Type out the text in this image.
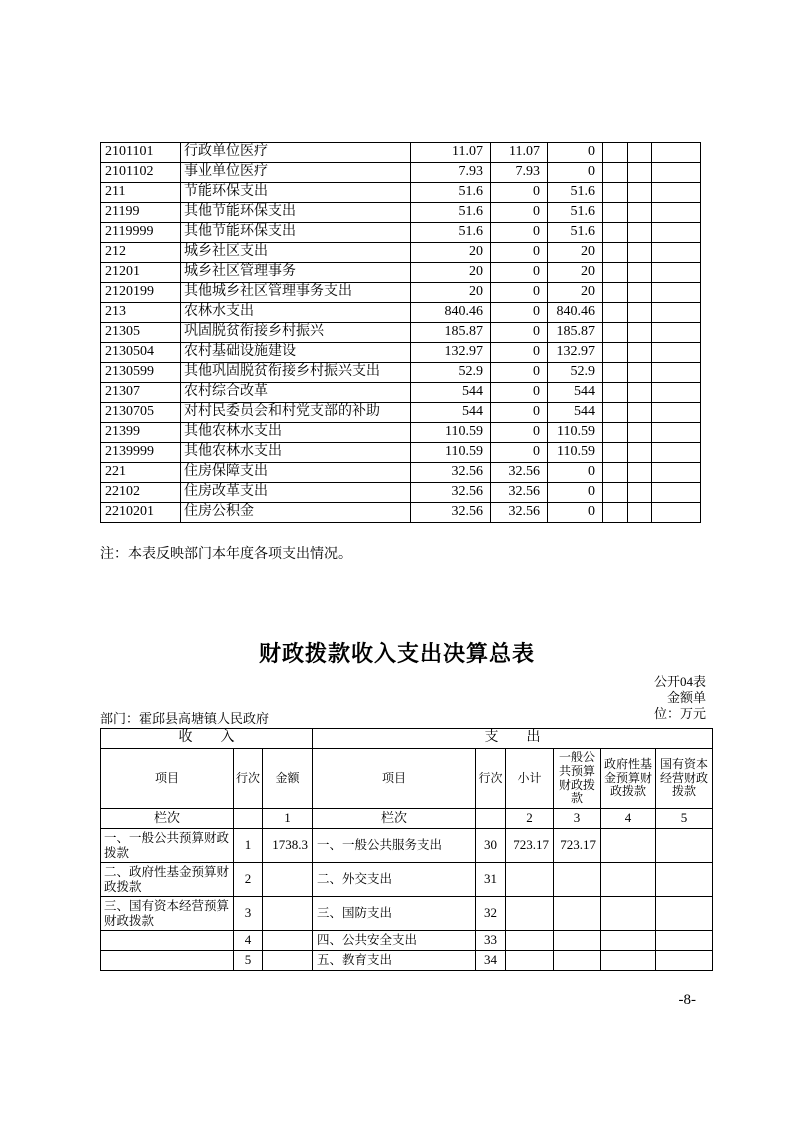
2101101	行政单位医疗	11.07	11.07	0			
2101102	事业单位医疗	7.93	7.93	0			
211	节能环保支出	51.6	0	51.6			
21199	其他节能环保支出	51.6	0	51.6			
2119999	其他节能环保支出	51.6	0	51.6			
212	城乡社区支出	20	0	20			
21201	城乡社区管理事务	20	0	20			
2120199	其他城乡社区管理事务支出	20	0	20			
213	农林水支出	840.46	0	840.46			
21305	巩固脱贫衔接乡村振兴	185.87	0	185.87			
2130504	农村基础设施建设	132.97	0	132.97			
2130599	其他巩固脱贫衔接乡村振兴支出	52.9	0	52.9			
21307	农村综合改革	544	0	544			
2130705	对村民委员会和村党支部的补助	544	0	544			
21399	其他农林水支出	110.59	0	110.59			
2139999	其他农林水支出	110.59	0	110.59			
221	住房保障支出	32.56	32.56	0			
22102	住房改革支出	32.56	32.56	0			
2210201	住房公积金	32.56	32.56	0			
注：本表反映部门本年度各项支出情况。
财政拨款收入支出决算总表
公开04表
金额单
位：万元
部门：霍邱县高塘镇人民政府
收　　入			支　　出					
项目	行次	金额	项目	行次	小计	一般公共预算财政拨款	政府性基金预算财政拨款	国有资本经营财政拨款
栏次		1	栏次		2	3	4	5
一、一般公共预算财政拨款	1	1738.3	一、一般公共服务支出	30	723.17	723.17		
二、政府性基金预算财政拨款	2		二、外交支出	31				
三、国有资本经营预算财政拨款	3		三、国防支出	32				
	4		四、公共安全支出	33				
	5		五、教育支出	34				
-8-
